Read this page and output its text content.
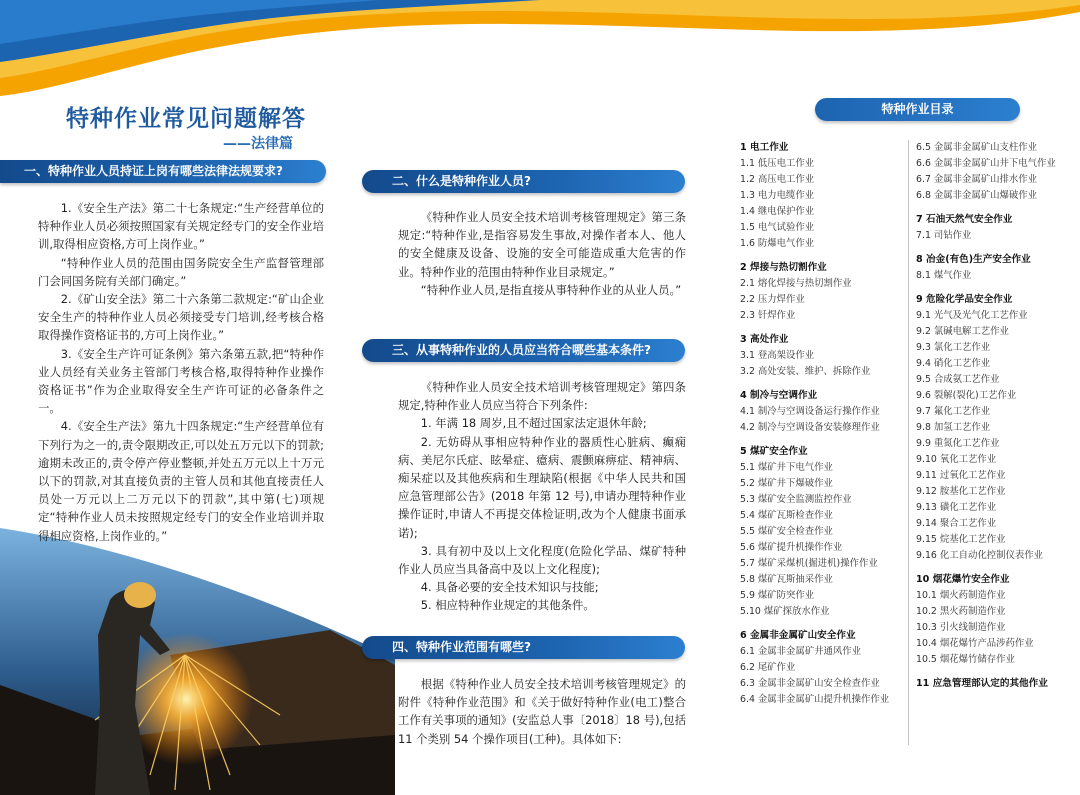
特种作业常见问题解答
——法律篇
一、特种作业人员持证上岗有哪些法律法规要求?

1.《安全生产法》第二十七条规定:“生产经营单位的特种作业人员必须按照国家有关规定经专门的安全作业培训,取得相应资格,方可上岗作业。”

“特种作业人员的范围由国务院安全生产监督管理部门会同国务院有关部门确定。”

2.《矿山安全法》第二十六条第二款规定:“矿山企业安全生产的特种作业人员必须接受专门培训,经考核合格取得操作资格证书的,方可上岗作业。”

3.《安全生产许可证条例》第六条第五款,把“特种作业人员经有关业务主管部门考核合格,取得特种作业操作资格证书”作为企业取得安全生产许可证的必备条件之一。

4.《安全生产法》第九十四条规定:“生产经营单位有下列行为之一的,责令限期改正,可以处五万元以下的罚款;逾期未改正的,责令停产停业整顿,并处五万元以上十万元以下的罚款,对其直接负责的主管人员和其他直接责任人员处一万元以上二万元以下的罚款”,其中第(七)项规定“特种作业人员未按照规定经专门的安全作业培训并取得相应资格,上岗作业的。”

二、什么是特种作业人员?

《特种作业人员安全技术培训考核管理规定》第三条规定:“特种作业,是指容易发生事故,对操作者本人、他人的安全健康及设备、设施的安全可能造成重大危害的作业。特种作业的范围由特种作业目录规定。”

“特种作业人员,是指直接从事特种作业的从业人员。”

三、从事特种作业的人员应当符合哪些基本条件?

《特种作业人员安全技术培训考核管理规定》第四条规定,特种作业人员应当符合下列条件:

1. 年满 18 周岁,且不超过国家法定退休年龄;

2. 无妨碍从事相应特种作业的器质性心脏病、癫痫病、美尼尔氏症、眩晕症、癔病、震颤麻痹症、精神病、痴呆症以及其他疾病和生理缺陷(根据《中华人民共和国应急管理部公告》(2018 年第 12 号),申请办理特种作业操作证时,申请人不再提交体检证明,改为个人健康书面承诺);

3. 具有初中及以上文化程度(危险化学品、煤矿特种作业人员应当具备高中及以上文化程度);

4. 具备必要的安全技术知识与技能;

5. 相应特种作业规定的其他条件。

四、特种作业范围有哪些?

根据《特种作业人员安全技术培训考核管理规定》的附件《特种作业范围》和《关于做好特种作业(电工)整合工作有关事项的通知》(安监总人事〔2018〕18 号),包括 11 个类别 54 个操作项目(工种)。具体如下:

特种作业目录
1 电工作业
1.1 低压电工作业
1.2 高压电工作业
1.3 电力电缆作业
1.4 继电保护作业
1.5 电气试验作业
1.6 防爆电气作业
2 焊接与热切割作业
2.1 熔化焊接与热切割作业
2.2 压力焊作业
2.3 钎焊作业
3 高处作业
3.1 登高架设作业
3.2 高处安装、维护、拆除作业
4 制冷与空调作业
4.1 制冷与空调设备运行操作作业
4.2 制冷与空调设备安装修理作业
5 煤矿安全作业
5.1 煤矿井下电气作业
5.2 煤矿井下爆破作业
5.3 煤矿安全监测监控作业
5.4 煤矿瓦斯检查作业
5.5 煤矿安全检查作业
5.6 煤矿提升机操作作业
5.7 煤矿采煤机(掘进机)操作作业
5.8 煤矿瓦斯抽采作业
5.9 煤矿防突作业
5.10 煤矿探放水作业
6 金属非金属矿山安全作业
6.1 金属非金属矿井通风作业
6.2 尾矿作业
6.3 金属非金属矿山安全检查作业
6.4 金属非金属矿山提升机操作作业
6.5 金属非金属矿山支柱作业
6.6 金属非金属矿山井下电气作业
6.7 金属非金属矿山排水作业
6.8 金属非金属矿山爆破作业
7 石油天然气安全作业
7.1 司钻作业
8 冶金(有色)生产安全作业
8.1 煤气作业
9 危险化学品安全作业
9.1 光气及光气化工艺作业
9.2 氯碱电解工艺作业
9.3 氯化工艺作业
9.4 硝化工艺作业
9.5 合成氨工艺作业
9.6 裂解(裂化)工艺作业
9.7 氟化工艺作业
9.8 加氢工艺作业
9.9 重氮化工艺作业
9.10 氧化工艺作业
9.11 过氧化工艺作业
9.12 胺基化工艺作业
9.13 磺化工艺作业
9.14 聚合工艺作业
9.15 烷基化工艺作业
9.16 化工自动化控制仪表作业
10 烟花爆竹安全作业
10.1 烟火药制造作业
10.2 黑火药制造作业
10.3 引火线制造作业
10.4 烟花爆竹产品涉药作业
10.5 烟花爆竹储存作业
11 应急管理部认定的其他作业
